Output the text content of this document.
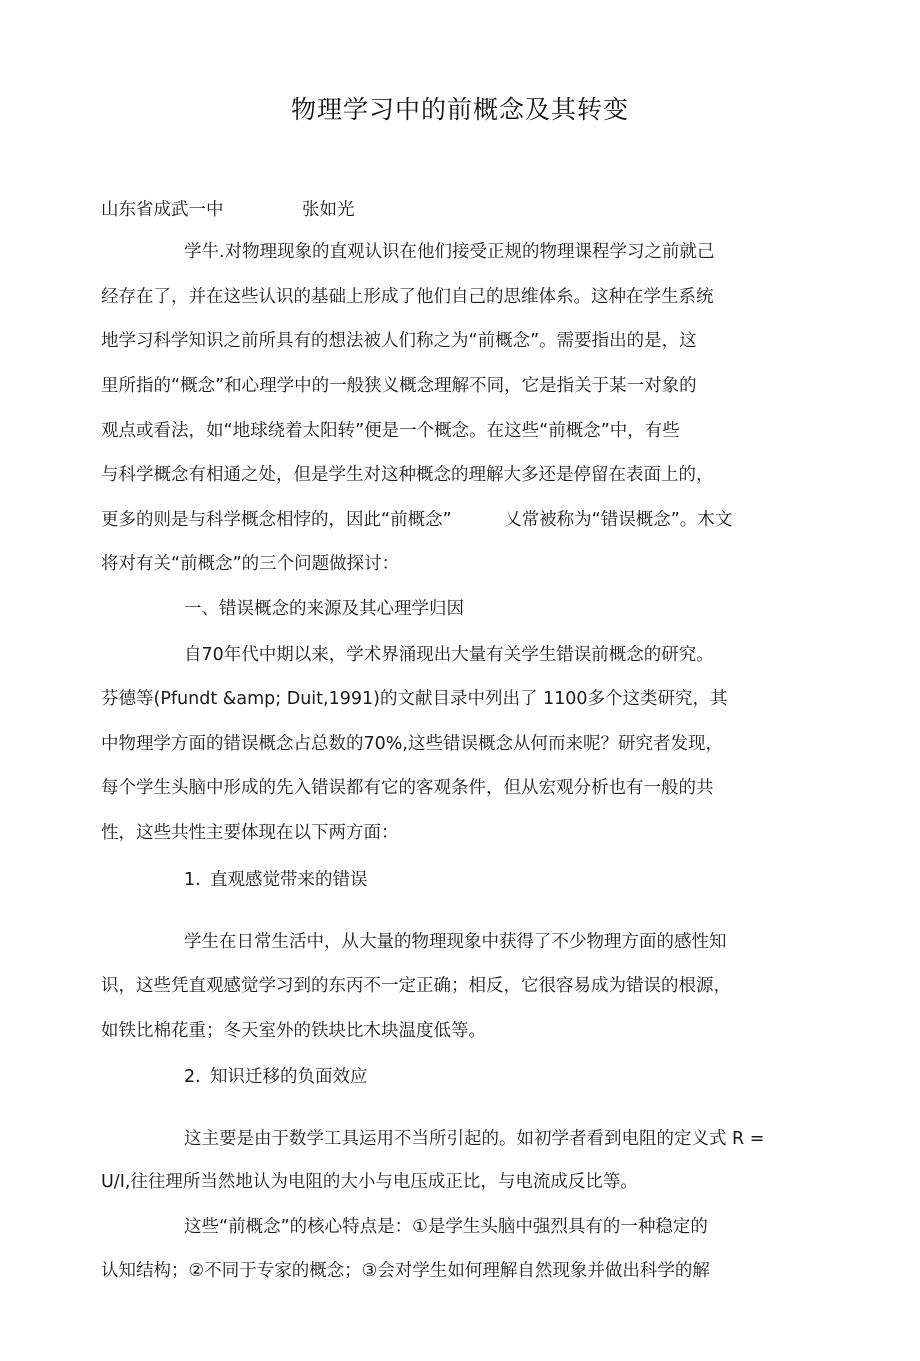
物理学习中的前概念及其转变
山东省成武一中	张如光
学牛.对物理现象的直观认识在他们接受正规的物理课程学习之前就己
经存在了，并在这些认识的基础上形成了他们自己的思维体糸。这种在学生系统
地学习科学知识之前所具有的想法被人们称之为“前概念”。需要指出的是，这
里所指的“概念”和心理学中的一般狭义概念理解不同，它是指关于某一对象的
观点或看法，如“地球绕着太阳转”便是一个概念。在这些“前概念”中，有些
与科学概念有相通之处，但是学生对这种概念的理解大多还是停留在表面上的，
更多的则是与科学概念相悖的，因此“前概念”　　　乂常被称为“错误概念”。木文
将对有关“前概念”的三个问题做探讨：
一、错误概念的来源及其心理学归因
自70年代中期以来，学术界涌现出大量有关学生错误前概念的研究。
芬德等(Pfundt &amp; Duit,1991)的文献目录中列出了 1100多个这类研究，其
中物理学方面的错误概念占总数的70%,这些错误概念从何而来呢？研究者发现，
每个学生头脑中形成的先入错误都有它的客观条件，但从宏观分析也有一般的共
性，这些共性主要体现在以下两方面：
1. 直观感觉带来的错误
学生在日常生活中，从大量的物理现象中获得了不少物理方面的感性知
识，这些凭直观感觉学习到的东丙不一定正确；相反，它很容易成为错误的根源，
如铁比棉花重；冬天室外的铁块比木块温度低等。
2. 知识迁移的负面效应
这主要是由于数学工具运用不当所引起的。如初学者看到电阻的定义式 R =
U/I,往往理所当然地认为电阻的大小与电压成正比，与电流成反比等。
这些“前概念”的核心特点是：①是学生头脑中强烈具有的一种稳定的
认知结构；②不同于专家的概念；③会对学生如何理解自然现象并做出科学的解
